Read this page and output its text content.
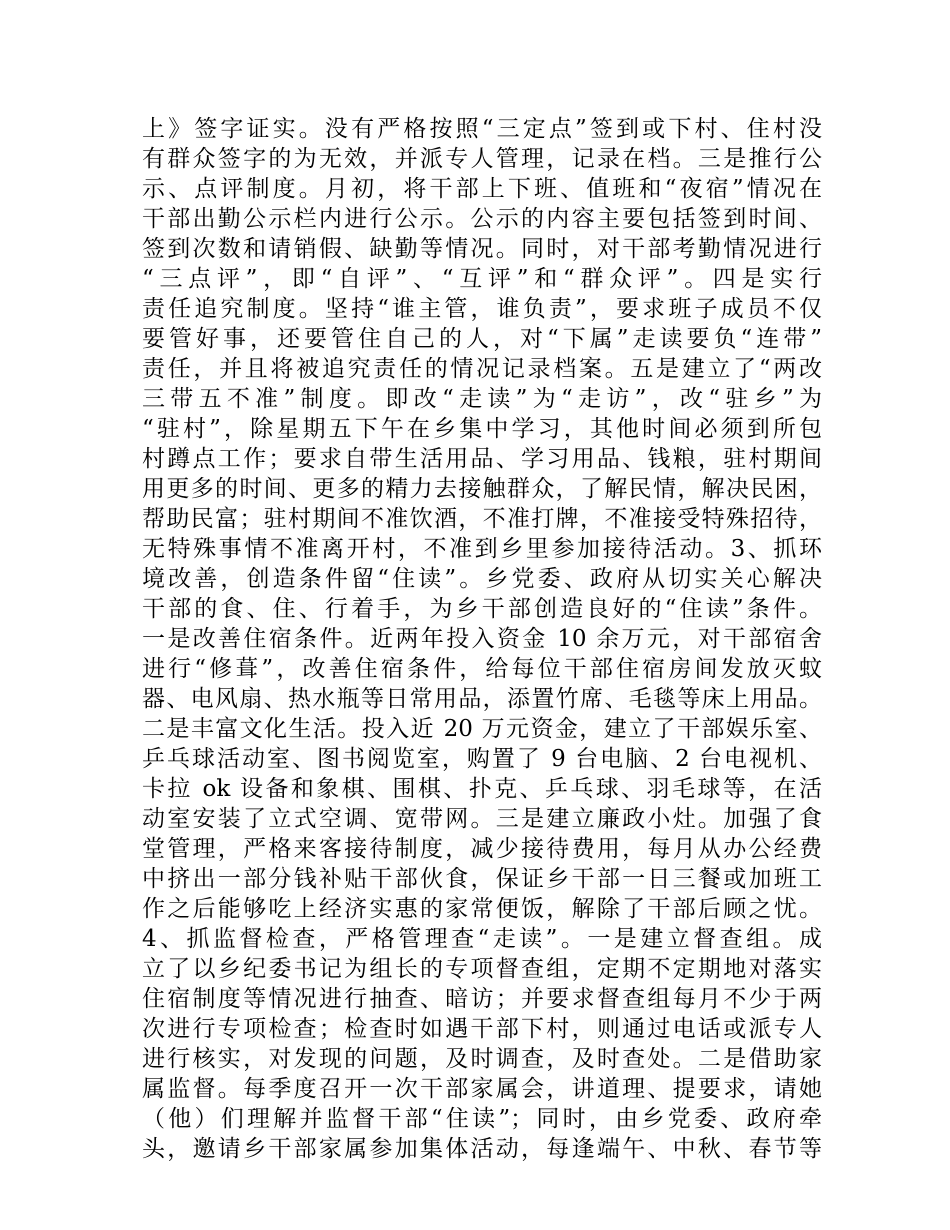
上》签字证实。没有严格按照“三定点”签到或下村、住村没
有群众签字的为无效，并派专人管理，记录在档。三是推行公
示、点评制度。月初，将干部上下班、值班和“夜宿”情况在
干部出勤公示栏内进行公示。公示的内容主要包括签到时间、
签到次数和请销假、缺勤等情况。同时，对干部考勤情况进行
“三点评”，即“自评”、“互评”和“群众评”。四是实行
责任追究制度。坚持“谁主管，谁负责”，要求班子成员不仅
要管好事，还要管住自己的人，对“下属”走读要负“连带”
责任，并且将被追究责任的情况记录档案。五是建立了“两改
三带五不准”制度。即改“走读”为“走访”，改“驻乡”为
“驻村”，除星期五下午在乡集中学习，其他时间必须到所包
村蹲点工作；要求自带生活用品、学习用品、钱粮，驻村期间
用更多的时间、更多的精力去接触群众，了解民情，解决民困，
帮助民富；驻村期间不准饮酒，不准打牌，不准接受特殊招待，
无特殊事情不准离开村，不准到乡里参加接待活动。3、抓环
境改善，创造条件留“住读”。乡党委、政府从切实关心解决
干部的食、住、行着手，为乡干部创造良好的“住读”条件。
一是改善住宿条件。近两年投入资金 10 余万元，对干部宿舍
进行“修葺”，改善住宿条件，给每位干部住宿房间发放灭蚊
器、电风扇、热水瓶等日常用品，添置竹席、毛毯等床上用品。
二是丰富文化生活。投入近 20 万元资金，建立了干部娱乐室、
乒乓球活动室、图书阅览室，购置了 9 台电脑、2 台电视机、
卡拉 ok 设备和象棋、围棋、扑克、乒乓球、羽毛球等，在活
动室安装了立式空调、宽带网。三是建立廉政小灶。加强了食
堂管理，严格来客接待制度，减少接待费用，每月从办公经费
中挤出一部分钱补贴干部伙食，保证乡干部一日三餐或加班工
作之后能够吃上经济实惠的家常便饭，解除了干部后顾之忧。
4、抓监督检查，严格管理查“走读”。一是建立督查组。成
立了以乡纪委书记为组长的专项督查组，定期不定期地对落实
住宿制度等情况进行抽查、暗访；并要求督查组每月不少于两
次进行专项检查；检查时如遇干部下村，则通过电话或派专人
进行核实，对发现的问题，及时调查，及时查处。二是借助家
属监督。每季度召开一次干部家属会，讲道理、提要求，请她
（他）们理解并监督干部“住读”；同时，由乡党委、政府牵
头，邀请乡干部家属参加集体活动，每逢端午、中秋、春节等
